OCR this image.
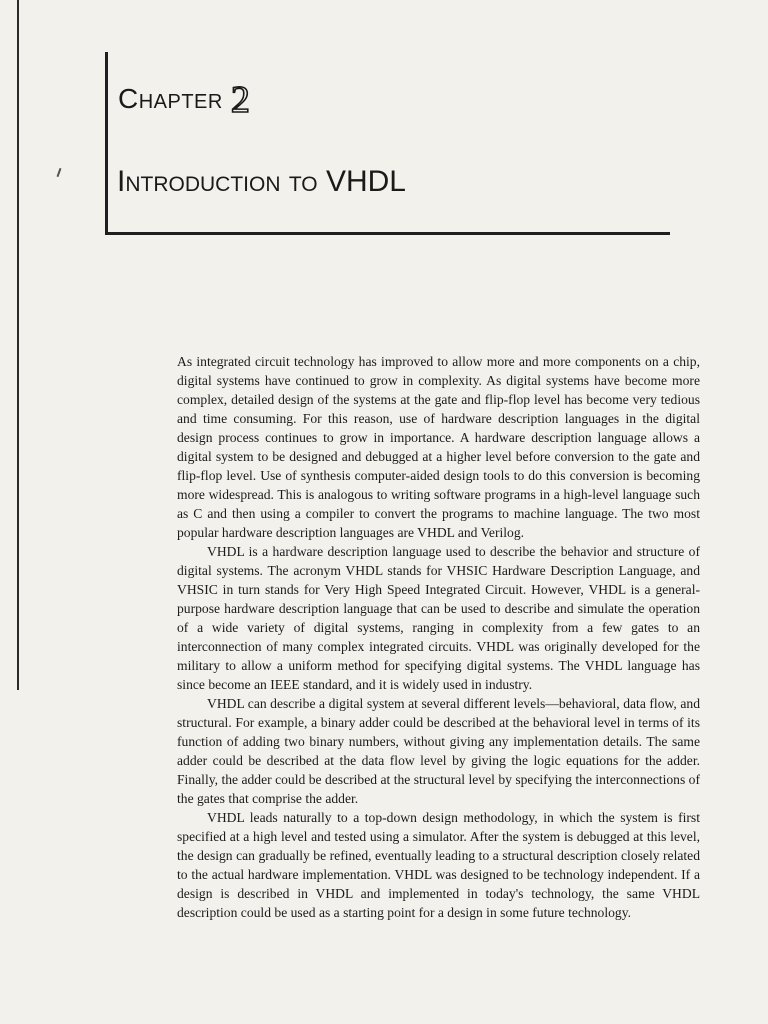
Chapter 2
Introduction to VHDL

As integrated circuit technology has improved to allow more and more components on a chip, digital systems have continued to grow in complexity. As digital systems have become more complex, detailed design of the systems at the gate and flip-flop level has become very tedious and time consuming. For this reason, use of hardware description languages in the digital design process continues to grow in importance. A hardware description language allows a digital system to be designed and debugged at a higher level before conversion to the gate and flip-flop level. Use of synthesis computer-aided design tools to do this conversion is becoming more widespread. This is analogous to writing software programs in a high-level language such as C and then using a compiler to convert the programs to machine language. The two most popular hardware description languages are VHDL and Verilog.

VHDL is a hardware description language used to describe the behavior and structure of digital systems. The acronym VHDL stands for VHSIC Hardware Description Language, and VHSIC in turn stands for Very High Speed Integrated Circuit. However, VHDL is a general-purpose hardware description language that can be used to describe and simulate the operation of a wide variety of digital systems, ranging in complexity from a few gates to an interconnection of many complex integrated circuits. VHDL was originally developed for the military to allow a uniform method for specifying digital systems. The VHDL language has since become an IEEE standard, and it is widely used in industry.

VHDL can describe a digital system at several different levels—behavioral, data flow, and structural. For example, a binary adder could be described at the behavioral level in terms of its function of adding two binary numbers, without giving any implementation details. The same adder could be described at the data flow level by giving the logic equations for the adder. Finally, the adder could be described at the structural level by specifying the interconnections of the gates that comprise the adder.

VHDL leads naturally to a top-down design methodology, in which the system is first specified at a high level and tested using a simulator. After the system is debugged at this level, the design can gradually be refined, eventually leading to a structural description closely related to the actual hardware implementation. VHDL was designed to be technology independent. If a design is described in VHDL and implemented in today's technology, the same VHDL description could be used as a starting point for a design in some future technology.
